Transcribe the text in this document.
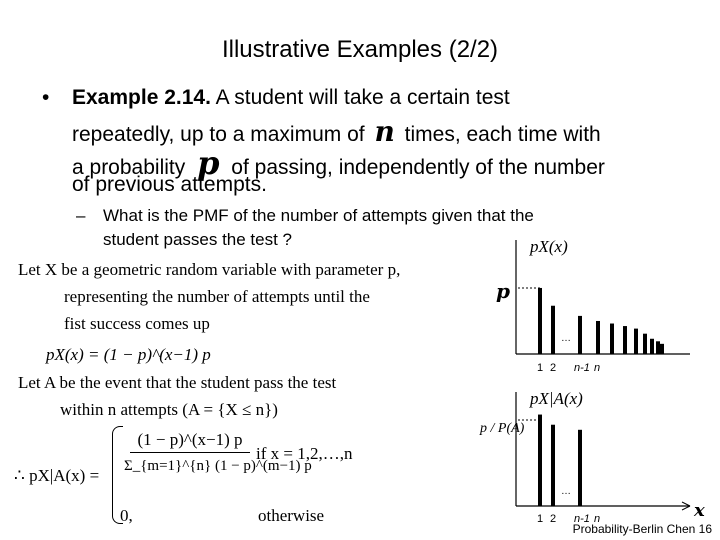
Illustrative Examples (2/2)
• Example 2.14. A student will take a certain test
repeatedly, up to a maximum of n times, each time with
a probability p of passing, independently of the number
of previous attempts.
– What is the PMF of the number of attempts given that the
student passes the test ?
Let X be a geometric random variable with parameter p,
representing the number of attempts until the
fist success comes up
pX(x) = (1 − p)^(x−1) p
Let A be the event that the student pass the test
within n attempts (A = {X ≤ n})
∴ pX|A(x) =
(1 − p)^(x−1) p
Σ_{m=1}^{n} (1 − p)^(m−1) p
if x = 1,2,…,n
0,	otherwise
pX(x)
p
…
1 2 n-1 n
pX|A(x)
x
p / P(A)
…
1 2 n-1 n
Probability-Berlin Chen 16
